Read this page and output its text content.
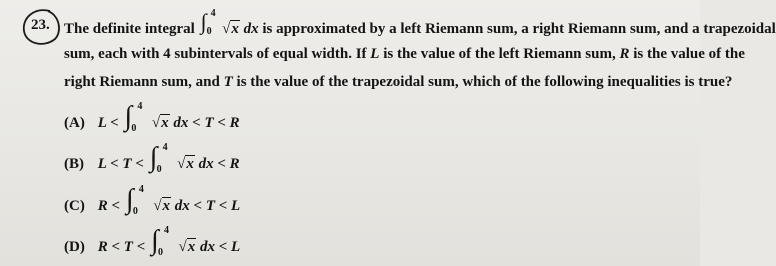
23. The definite integral ∫ 4
0 √x dx is approximated by a left Riemann sum, a right Riemann sum, and a trapezoidal
sum, each with 4 subintervals of equal width. If L is the value of the left Riemann sum, R is the value of the
right Riemann sum, and T is the value of the trapezoidal sum, which of the following inequalities is true?
(A) L < ∫ 4
0 √x dx < T < R
(B) L < T < ∫ 4
0 √x dx < R
(C) R < ∫ 4
0 √x dx < T < L
(D) R < T < ∫ 4
0 √x dx < L
